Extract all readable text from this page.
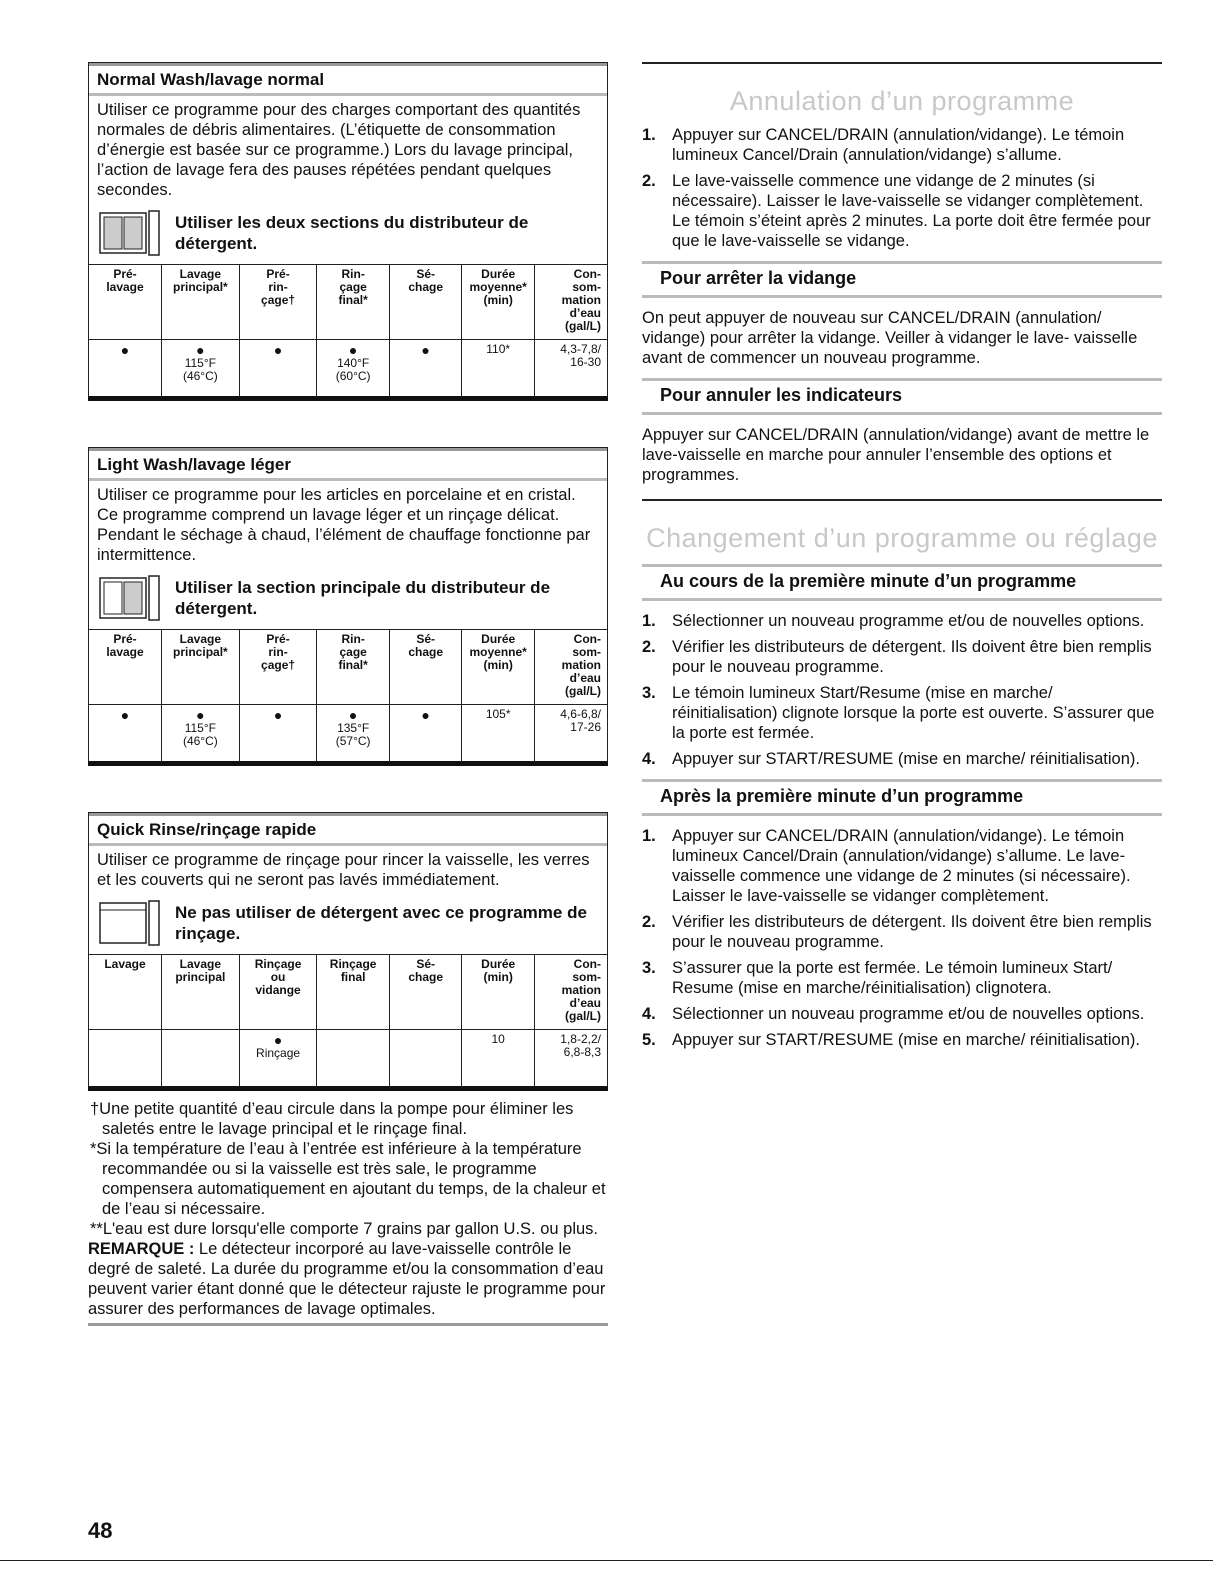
Normal Wash/lavage normal
Utiliser ce programme pour des charges comportant des quantités normales de débris alimentaires. (L’étiquette de consommation d’énergie est basée sur ce programme.) Lors du lavage principal, l’action de lavage fera des pauses répétées pendant quelques secondes.
Utiliser les deux sections du distributeur de détergent.
Pré-
lavage	Lavage
principal*	Pré-
rin-
çage†	Rin-
çage
final*	Sé-
chage	Durée
moyenne*
(min)	Con-
som-
mation
d’eau
(gal/L)

●	●
115°F
(46°C)	●	●
140°F
(60°C)	●	110*	4,3-7,8/
16-30
Light Wash/lavage léger
Utiliser ce programme pour les articles en porcelaine et en cristal. Ce programme comprend un lavage léger et un rinçage délicat. Pendant le séchage à chaud, l’élément de chauffage fonctionne par intermittence.
Utiliser la section principale du distributeur de détergent.
Pré-
lavage	Lavage
principal*	Pré-
rin-
çage†	Rin-
çage
final*	Sé-
chage	Durée
moyenne*
(min)	Con-
som-
mation
d’eau
(gal/L)

●	●
115°F
(46°C)	●	●
135°F
(57°C)	●	105*	4,6-6,8/
17-26
Quick Rinse/rinçage rapide
Utiliser ce programme de rinçage pour rincer la vaisselle, les verres et les couverts qui ne seront pas lavés immédiatement.
Ne pas utiliser de détergent avec ce programme de rinçage.
Lavage	Lavage
principal	Rinçage
ou
vidange	Rinçage
final	Sé-
chage	Durée
(min)	Con-
som-
mation
d’eau
(gal/L)

		●
Rinçage			10	1,8-2,2/
6,8-8,3

†Une petite quantité d’eau circule dans la pompe pour éliminer les saletés entre le lavage principal et le rinçage final.

*Si la température de l’eau à l’entrée est inférieure à la température recommandée ou si la vaisselle est très sale, le programme compensera automatiquement en ajoutant du temps, de la chaleur et de l’eau si nécessaire.

**L'eau est dure lorsqu'elle comporte 7 grains par gallon U.S. ou plus.

REMARQUE : Le détecteur incorporé au lave-vaisselle contrôle le degré de saleté. La durée du programme et/ou la consommation d’eau peuvent varier étant donné que le détecteur rajuste le programme pour assurer des performances de lavage optimales.

Annulation d’un programme
1. Appuyer sur CANCEL/DRAIN (annulation/vidange). Le témoin lumineux Cancel/Drain (annulation/vidange) s’allume.
2. Le lave-vaisselle commence une vidange de 2 minutes (si nécessaire). Laisser le lave-vaisselle se vidanger complètement. Le témoin s’éteint après 2 minutes. La porte doit être fermée pour que le lave-vaisselle se vidange.
Pour arrêter la vidange

On peut appuyer de nouveau sur CANCEL/DRAIN (annulation/ vidange) pour arrêter la vidange. Veiller à vidanger le lave- vaisselle avant de commencer un nouveau programme.

Pour annuler les indicateurs

Appuyer sur CANCEL/DRAIN (annulation/vidange) avant de mettre le lave-vaisselle en marche pour annuler l’ensemble des options et programmes.

Changement d’un programme ou réglage
Au cours de la première minute d’un programme
1. Sélectionner un nouveau programme et/ou de nouvelles options.
2. Vérifier les distributeurs de détergent. Ils doivent être bien remplis pour le nouveau programme.
3. Le témoin lumineux Start/Resume (mise en marche/ réinitialisation) clignote lorsque la porte est ouverte. S’assurer que la porte est fermée.
4. Appuyer sur START/RESUME (mise en marche/ réinitialisation).
Après la première minute d’un programme
1. Appuyer sur CANCEL/DRAIN (annulation/vidange). Le témoin lumineux Cancel/Drain (annulation/vidange) s’allume. Le lave- vaisselle commence une vidange de 2 minutes (si nécessaire). Laisser le lave-vaisselle se vidanger complètement.
2. Vérifier les distributeurs de détergent. Ils doivent être bien remplis pour le nouveau programme.
3. S’assurer que la porte est fermée. Le témoin lumineux Start/ Resume (mise en marche/réinitialisation) clignotera.
4. Sélectionner un nouveau programme et/ou de nouvelles options.
5. Appuyer sur START/RESUME (mise en marche/ réinitialisation).
48
